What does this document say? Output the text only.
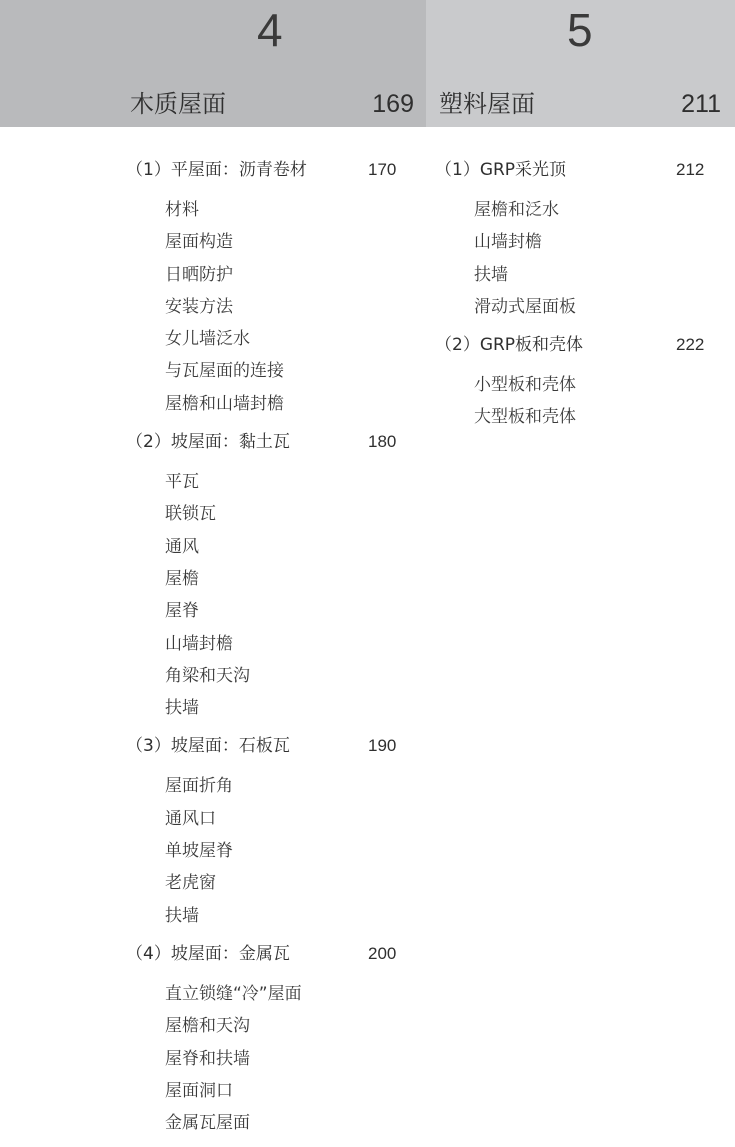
4
木质屋面	169
（1）平屋面：沥青卷材	170
材料
屋面构造
日晒防护
安装方法
女儿墙泛水
与瓦屋面的连接
屋檐和山墙封檐
（2）坡屋面：黏土瓦	180
平瓦
联锁瓦
通风
屋檐
屋脊
山墙封檐
角梁和天沟
扶墙
（3）坡屋面：石板瓦	190
屋面折角
通风口
单坡屋脊
老虎窗
扶墙
（4）坡屋面：金属瓦	200
直立锁缝“冷”屋面
屋檐和天沟
屋脊和扶墙
屋面洞口
金属瓦屋面
5
塑料屋面	211
（1）GRP采光顶	212
屋檐和泛水
山墙封檐
扶墙
滑动式屋面板
（2）GRP板和壳体	222
小型板和壳体
大型板和壳体
